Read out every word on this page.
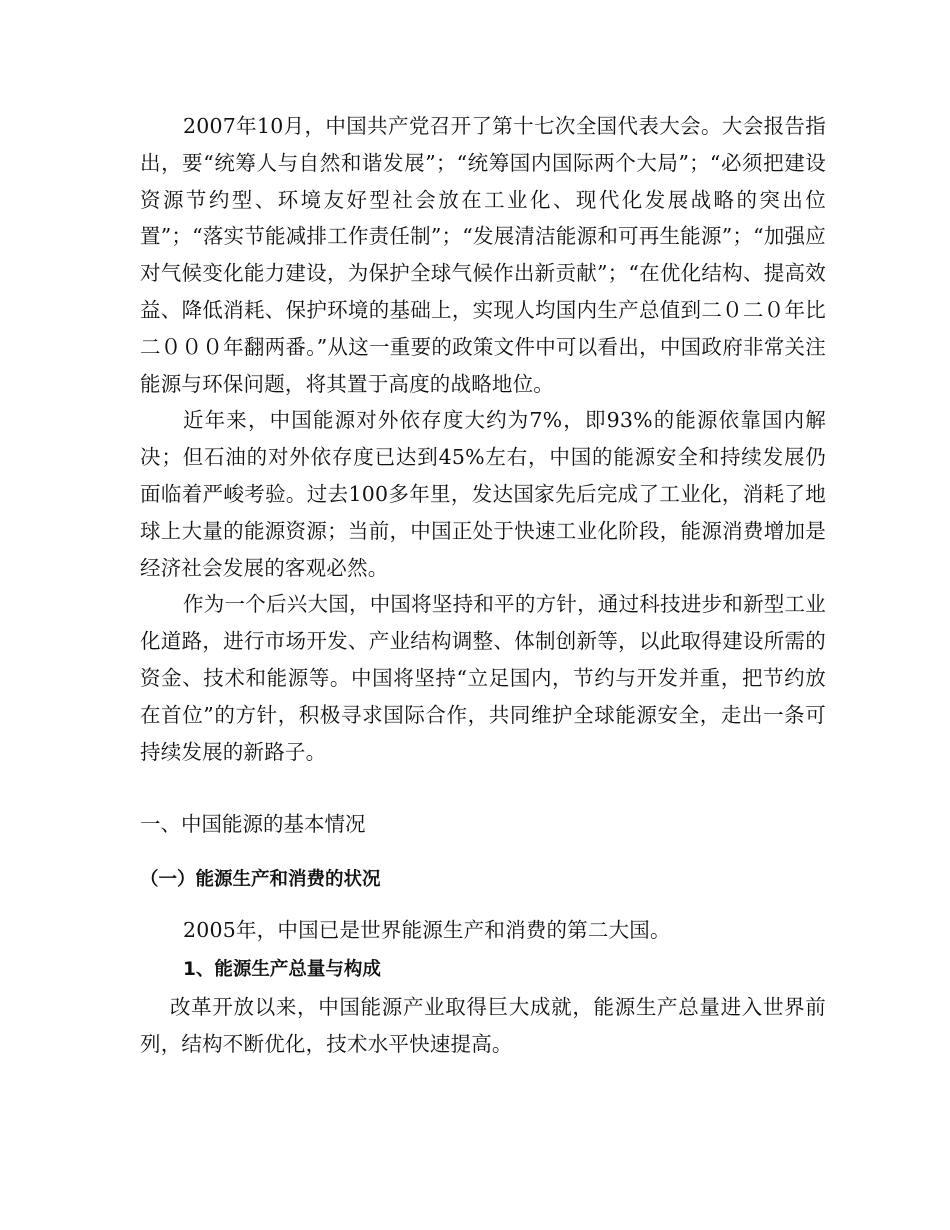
2007年10月，中国共产党召开了第十七次全国代表大会。大会报告指出，要“统筹人与自然和谐发展”；“统筹国内国际两个大局”；“必须把建设资源节约型、环境友好型社会放在工业化、现代化发展战略的突出位置”；“落实节能减排工作责任制”；“发展清洁能源和可再生能源”；“加强应对气候变化能力建设，为保护全球气候作出新贡献”；“在优化结构、提高效益、降低消耗、保护环境的基础上，实现人均国内生产总值到二０二０年比二０００年翻两番。”从这一重要的政策文件中可以看出，中国政府非常关注能源与环保问题，将其置于高度的战略地位。

近年来，中国能源对外依存度大约为7%，即93%的能源依靠国内解决；但石油的对外依存度已达到45%左右，中国的能源安全和持续发展仍面临着严峻考验。过去100多年里，发达国家先后完成了工业化，消耗了地球上大量的能源资源；当前，中国正处于快速工业化阶段，能源消费增加是经济社会发展的客观必然。

作为一个后兴大国，中国将坚持和平的方针，通过科技进步和新型工业化道路，进行市场开发、产业结构调整、体制创新等，以此取得建设所需的资金、技术和能源等。中国将坚持“立足国内，节约与开发并重，把节约放在首位”的方针，积极寻求国际合作，共同维护全球能源安全，走出一条可持续发展的新路子。

一、中国能源的基本情况
（一）能源生产和消费的状况

2005年，中国已是世界能源生产和消费的第二大国。

1、能源生产总量与构成

改革开放以来，中国能源产业取得巨大成就，能源生产总量进入世界前列，结构不断优化，技术水平快速提高。
